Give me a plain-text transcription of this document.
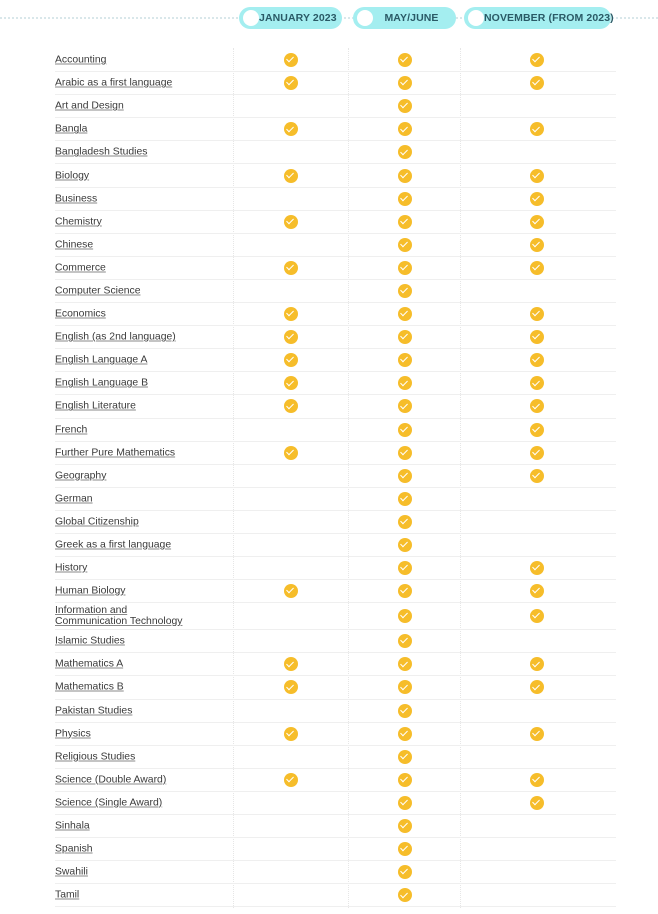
JANUARY 2023	MAY/JUNE	NOVEMBER (FROM 2023)
Accounting
Arabic as a first language
Art and Design
Bangla
Bangladesh Studies
Biology
Business
Chemistry
Chinese
Commerce
Computer Science
Economics
English (as 2nd language)
English Language A
English Language B
English Literature
French
Further Pure Mathematics
Geography
German
Global Citizenship
Greek as a first language
History
Human Biology
Information and
Communication Technology
Islamic Studies
Mathematics A
Mathematics B
Pakistan Studies
Physics
Religious Studies
Science (Double Award)
Science (Single Award)
Sinhala
Spanish
Swahili
Tamil
